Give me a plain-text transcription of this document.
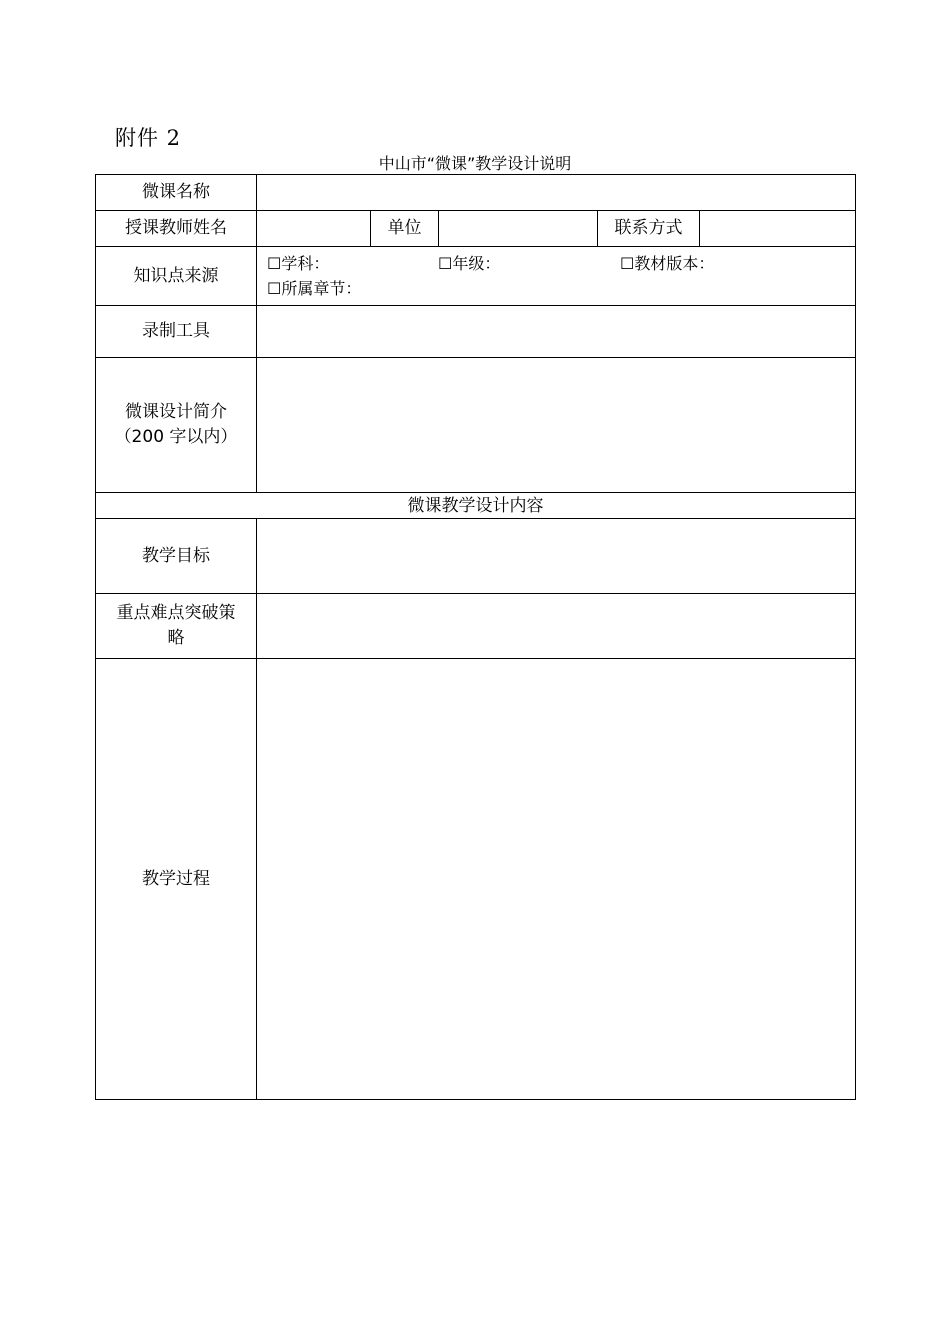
附件 2
中山市“微课”教学设计说明
微课名称					
授课教师姓名		单位		联系方式	
知识点来源	☐学科： ☐年级： ☐教材版本：
☐所属章节：				

录制工具					

微课设计简介
（200 字以内）					

微课教学设计内容					
教学目标					

重点难点突破策
略					

教学过程					
